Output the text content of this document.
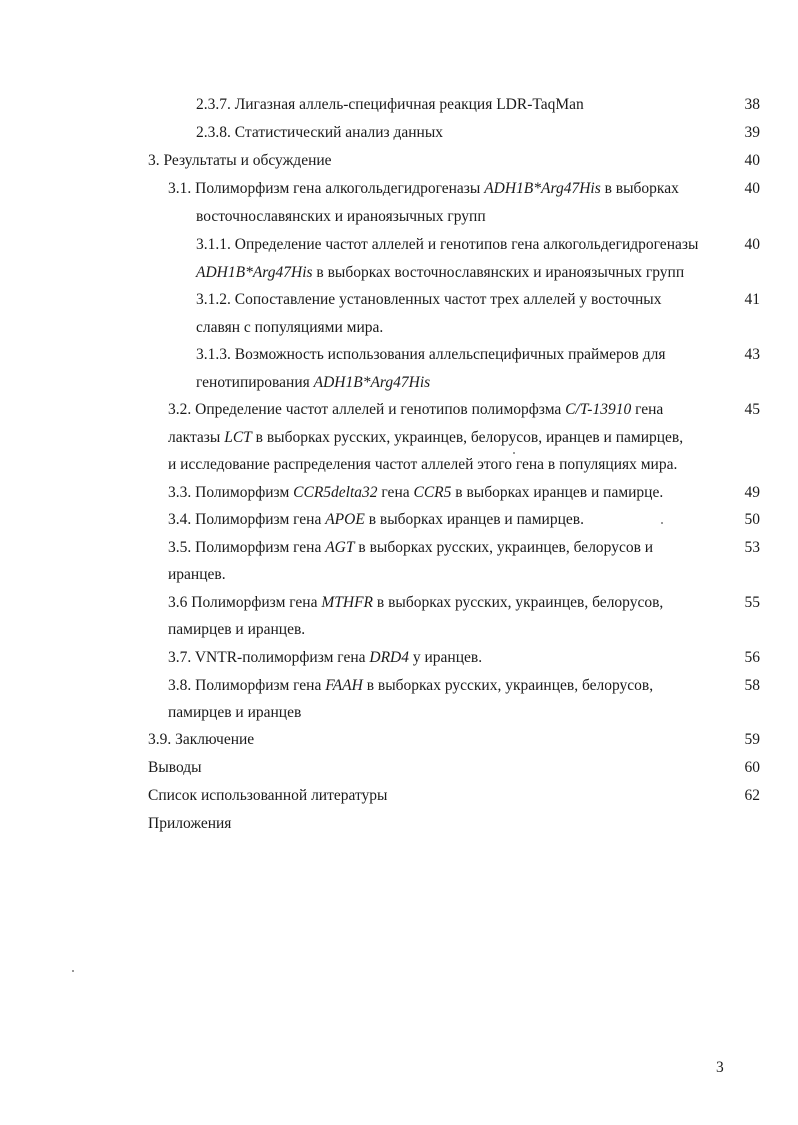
2.3.7. Лигазная аллель-специфичная реакция LDR-TaqMan	38
2.3.8. Статистический анализ данных	39
3. Результаты и обсуждение	40
3.1. Полиморфизм гена алкогольдегидрогеназы ADH1B*Arg47His в выборках	40
восточнославянских и ираноязычных групп
3.1.1. Определение частот аллелей и генотипов гена алкогольдегидрогеназы	40
ADH1B*Arg47His в выборках восточнославянских и ираноязычных групп
3.1.2. Сопоставление установленных частот трех аллелей у восточных	41
славян с популяциями мира.
3.1.3. Возможность использования аллельспецифичных праймеров для	43
генотипирования ADH1B*Arg47His
3.2. Определение частот аллелей и генотипов полиморфзма C/T-13910 гена	45
лактазы LCT в выборках русских, украинцев, белорусов, иранцев и памирцев,
и исследование распределения частот аллелей этого гена в популяциях мира.
3.3. Полиморфизм CCR5delta32 гена CCR5 в выборках иранцев и памирце.	49
3.4. Полиморфизм гена APOE в выборках иранцев и памирцев.	50
3.5. Полиморфизм гена AGT в выборках русских, украинцев, белорусов и	53
иранцев.
3.6 Полиморфизм гена MTHFR в выборках русских, украинцев, белорусов,	55
памирцев и иранцев.
3.7. VNTR-полиморфизм гена DRD4 у иранцев.	56
3.8. Полиморфизм гена FAAH в выборках русских, украинцев, белорусов,	58
памирцев и иранцев
3.9. Заключение	59
Выводы	60
Список использованной литературы	62
Приложения
3
